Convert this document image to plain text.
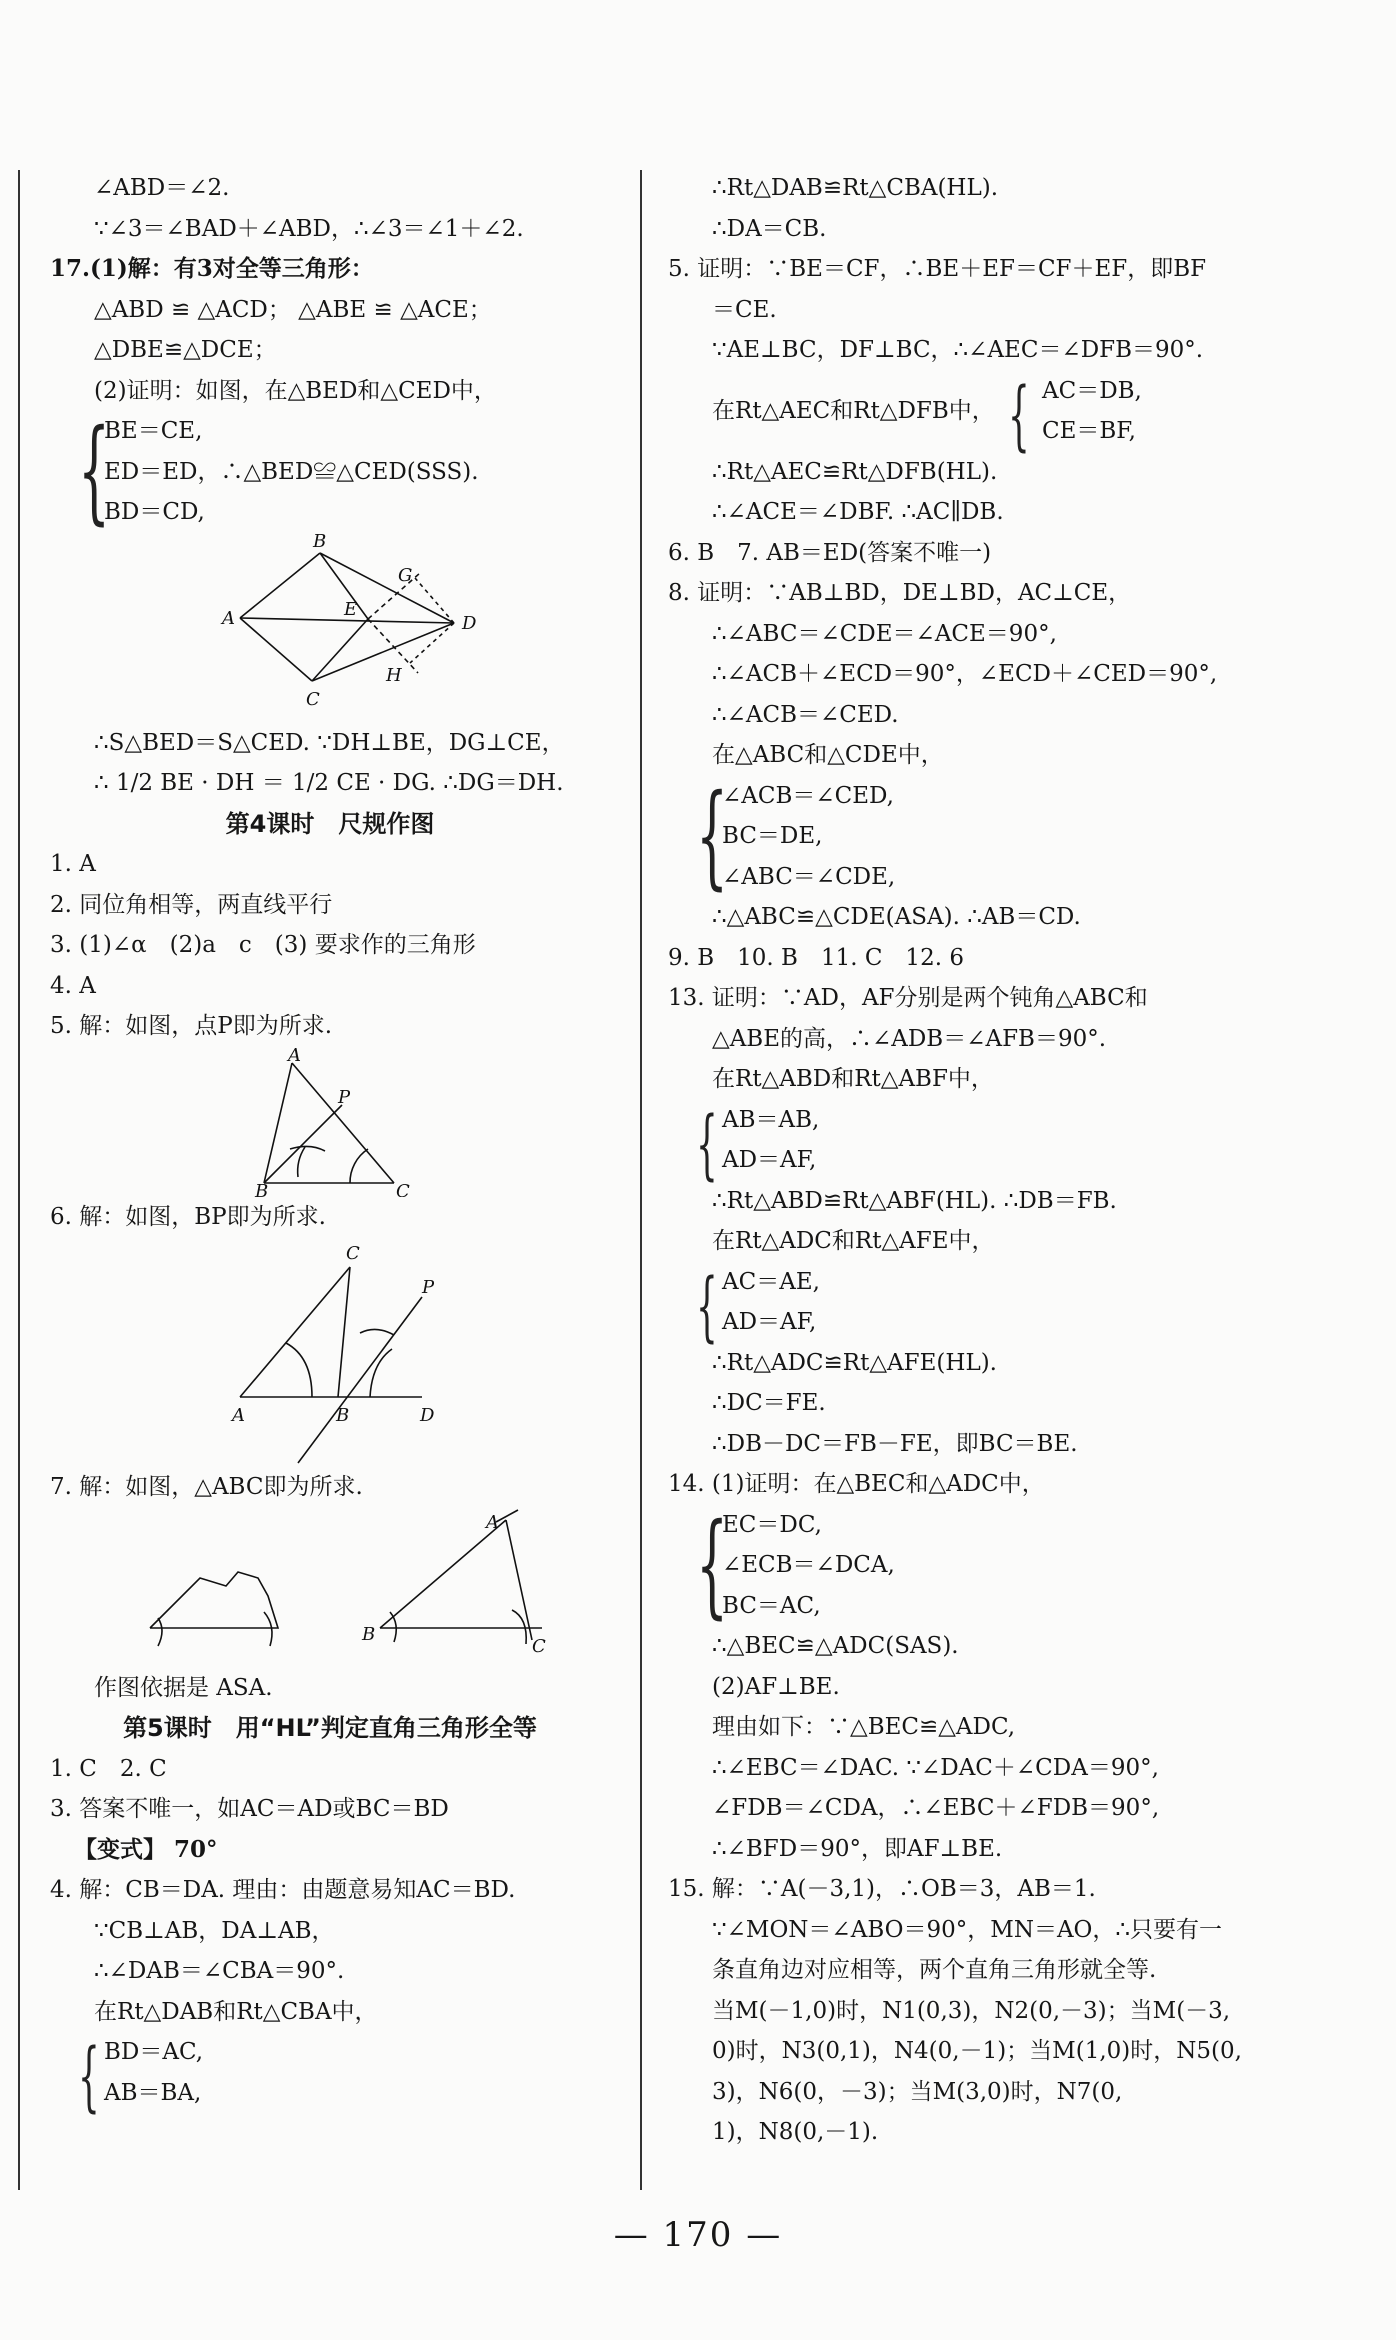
∠ABD＝∠2.
∵∠3＝∠BAD＋∠ABD，∴∠3＝∠1＋∠2.
17.(1)解：有3对全等三角形：
△ABD ≌ △ACD； △ABE ≌ △ACE；
△DBE≌△DCE；
(2)证明：如图，在△BED和△CED中，
{
BE＝CE,
ED＝ED，∴△BED≌△CED(SSS).
BD＝CD,
B
G
A	E
D
C
H
∴S△BED＝S△CED. ∵DH⊥BE，DG⊥CE，
∴ 1/2 BE · DH ＝ 1/2 CE · DG. ∴DG＝DH.
第4课时　尺规作图
1. A
2. 同位角相等，两直线平行
3. (1)∠α　(2)a　c　(3) 要求作的三角形
4. A
5. 解：如图，点P即为所求.
A
P
B	C
6. 解：如图，BP即为所求.
C
P
A	B	D
7. 解：如图，△ABC即为所求.
A
B
C
作图依据是 ASA.
第5课时　用“HL”判定直角三角形全等
1. C　2. C
3. 答案不唯一，如AC＝AD或BC＝BD
【变式】 70°
4. 解：CB＝DA. 理由：由题意易知AC＝BD.
∵CB⊥AB，DA⊥AB，
∴∠DAB＝∠CBA＝90°.
在Rt△DAB和Rt△CBA中，
{ BD＝AC,
AB＝BA,
∴Rt△DAB≌Rt△CBA(HL).
∴DA＝CB.
5. 证明：∵BE＝CF，∴BE＋EF＝CF＋EF，即BF
＝CE.
∵AE⊥BC，DF⊥BC，∴∠AEC＝∠DFB＝90°.
在Rt△AEC和Rt△DFB中， { AC＝DB,
CE＝BF,
∴Rt△AEC≌Rt△DFB(HL).
∴∠ACE＝∠DBF. ∴AC∥DB.
6. B　7. AB＝ED(答案不唯一)
8. 证明：∵AB⊥BD，DE⊥BD，AC⊥CE，
∴∠ABC＝∠CDE＝∠ACE＝90°,
∴∠ACB＋∠ECD＝90°，∠ECD＋∠CED＝90°,
∴∠ACB＝∠CED.
在△ABC和△CDE中，
{
∠ACB＝∠CED,
BC＝DE,
∠ABC＝∠CDE,
∴△ABC≌△CDE(ASA). ∴AB＝CD.
9. B　10. B　11. C　12. 6
13. 证明：∵AD，AF分别是两个钝角△ABC和
△ABE的高，∴∠ADB＝∠AFB＝90°.
在Rt△ABD和Rt△ABF中，
{ AB＝AB,
AD＝AF,
∴Rt△ABD≌Rt△ABF(HL). ∴DB＝FB.
在Rt△ADC和Rt△AFE中，
{ AC＝AE,
AD＝AF,
∴Rt△ADC≌Rt△AFE(HL).
∴DC＝FE.
∴DB－DC＝FB－FE，即BC＝BE.
14. (1)证明：在△BEC和△ADC中，
{
EC＝DC,
∠ECB＝∠DCA,
BC＝AC,
∴△BEC≌△ADC(SAS).
(2)AF⊥BE.
理由如下：∵△BEC≌△ADC,
∴∠EBC＝∠DAC. ∵∠DAC＋∠CDA＝90°,
∠FDB＝∠CDA，∴∠EBC＋∠FDB＝90°,
∴∠BFD＝90°，即AF⊥BE.
15. 解：∵A(－3,1)，∴OB＝3，AB＝1.
∵∠MON＝∠ABO＝90°，MN＝AO，∴只要有一
条直角边对应相等，两个直角三角形就全等.
当M(－1,0)时，N1(0,3)，N2(0,－3)；当M(－3,
0)时，N3(0,1)，N4(0,－1)；当M(1,0)时，N5(0,
3)，N6(0，－3)；当M(3,0)时，N7(0,
1)，N8(0,－1).
— 170 —
